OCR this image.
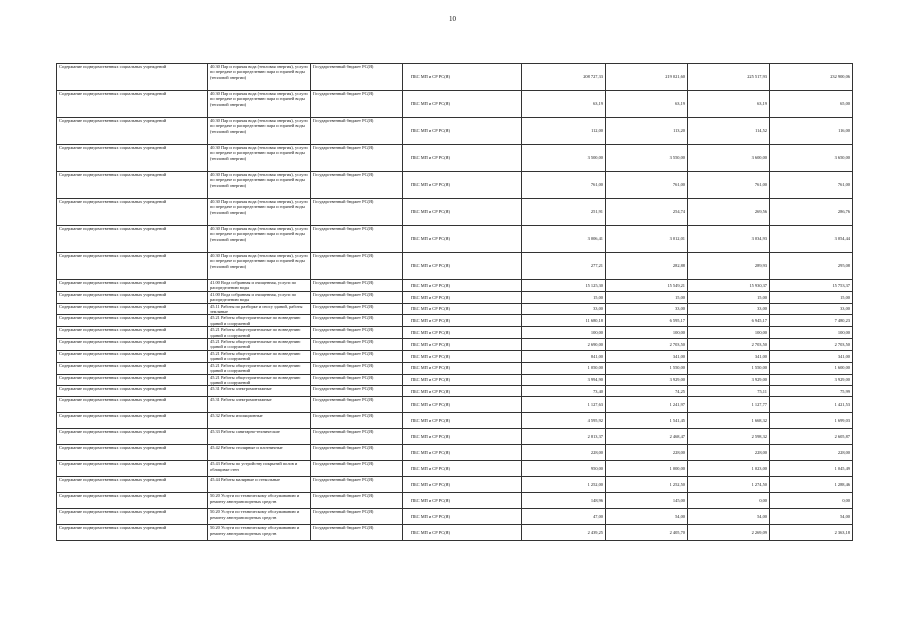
10
Содержание подведомственных социальных учреждений	40.30 Пар и горячая вода (тепловая энергия), услуги по передаче и распределению пара и горячей воды (тепловой энергии)	Государственный бюджет РС(Я)	ПБС МП и СР РС(Я)	208 727,33	219 021,60	225 517,93	232 900,06
Содержание подведомственных социальных учреждений	40.30 Пар и горячая вода (тепловая энергия), услуги по передаче и распределению пара и горячей воды (тепловой энергии)	Государственный бюджет РС(Я)	ПБС МП и СР РС(Я)	63,19	63,19	63,19	65,00
Содержание подведомственных социальных учреждений	40.30 Пар и горячая вода (тепловая энергия), услуги по передаче и распределению пара и горячей воды (тепловой энергии)	Государственный бюджет РС(Я)	ПБС МП и СР РС(Я)	112,00	113,20	114,52	116,00
Содержание подведомственных социальных учреждений	40.30 Пар и горячая вода (тепловая энергия), услуги по передаче и распределению пара и горячей воды (тепловой энергии)	Государственный бюджет РС(Я)	ПБС МП и СР РС(Я)	3 500,00	3 550,00	3 600,00	3 650,00
Содержание подведомственных социальных учреждений	40.30 Пар и горячая вода (тепловая энергия), услуги по передаче и распределению пара и горячей воды (тепловой энергии)	Государственный бюджет РС(Я)	ПБС МП и СР РС(Я)	761,00	761,00	761,00	761,00
Содержание подведомственных социальных учреждений	40.30 Пар и горячая вода (тепловая энергия), услуги по передаче и распределению пара и горячей воды (тепловой энергии)	Государственный бюджет РС(Я)	ПБС МП и СР РС(Я)	251,91	254,74	269,56	286,76
Содержание подведомственных социальных учреждений	40.30 Пар и горячая вода (тепловая энергия), услуги по передаче и распределению пара и горячей воды (тепловой энергии)	Государственный бюджет РС(Я)	ПБС МП и СР РС(Я)	3 006,41	3 012,01	3 034,93	3 054,44
Содержание подведомственных социальных учреждений	40.30 Пар и горячая вода (тепловая энергия), услуги по передаче и распределению пара и горячей воды (тепловой энергии)	Государственный бюджет РС(Я)	ПБС МП и СР РС(Я)	277,21	282,88	289,93	295,08
Содержание подведомственных социальных учреждений	41.00 Вода собранная и очищенная, услуги по распределению воды	Государственный бюджет РС(Я)	ПБС МП и СР РС(Я)	15 125,30	15 549,21	15 930,37	15 753,37
Содержание подведомственных социальных учреждений	41.00 Вода собранная и очищенная, услуги по распределению воды	Государственный бюджет РС(Я)	ПБС МП и СР РС(Я)	15,00	15,00	15,00	15,00
Содержание подведомственных социальных учреждений	45.11 Работы по разборке и сносу зданий, работы земляные	Государственный бюджет РС(Я)	ПБС МП и СР РС(Я)	33,00	33,00	33,00	33,00
Содержание подведомственных социальных учреждений	45.21 Работы общестроительные по возведению зданий и сооружений	Государственный бюджет РС(Я)	ПБС МП и СР РС(Я)	11 680,18	6 595,17	6 945,17	7 480,23
Содержание подведомственных социальных учреждений	45.21 Работы общестроительные по возведению зданий и сооружений	Государственный бюджет РС(Я)	ПБС МП и СР РС(Я)	100,00	100,00	100,00	100,00
Содержание подведомственных социальных учреждений	45.21 Работы общестроительные по возведению зданий и сооружений	Государственный бюджет РС(Я)	ПБС МП и СР РС(Я)	2 690,00	2 703,50	2 703,50	2 703,50
Содержание подведомственных социальных учреждений	45.21 Работы общестроительные по возведению зданий и сооружений	Государственный бюджет РС(Я)	ПБС МП и СР РС(Я)	841,00	341,00	341,00	341,00
Содержание подведомственных социальных учреждений	45.21 Работы общестроительные по возведению зданий и сооружений	Государственный бюджет РС(Я)	ПБС МП и СР РС(Я)	1 050,00	1 550,00	1 550,00	1 600,00
Содержание подведомственных социальных учреждений	45.21 Работы общестроительные по возведению зданий и сооружений	Государственный бюджет РС(Я)	ПБС МП и СР РС(Я)	3 994,90	3 929,00	3 929,00	3 929,00
Содержание подведомственных социальных учреждений	45.31 Работы электромонтажные	Государственный бюджет РС(Я)	ПБС МП и СР РС(Я)	73,40	74,25	75,11	75,99
Содержание подведомственных социальных учреждений	45.31 Работы электромонтажные	Государственный бюджет РС(Я)	ПБС МП и СР РС(Я)	1 127,63	1 241,97	1 127,77	1 421,53
Содержание подведомственных социальных учреждений	45.32 Работы изоляционные	Государственный бюджет РС(Я)	ПБС МП и СР РС(Я)	4 595,92	1 541,45	1 668,32	1 699,03
Содержание подведомственных социальных учреждений	45.33 Работы санитарно-технические	Государственный бюджет РС(Я)	ПБС МП и СР РС(Я)	2 813,37	2 468,47	2 598,32	2 605,87
Содержание подведомственных социальных учреждений	45.42 Работы столярные и плотничные	Государственный бюджет РС(Я)	ПБС МП и СР РС(Я)	228,00	228,00	228,00	228,00
Содержание подведомственных социальных учреждений	45.43 Работы по устройству покрытий полов и облицовке стен	Государственный бюджет РС(Я)	ПБС МП и СР РС(Я)	950,00	1 000,00	1 023,00	1 045,49
Содержание подведомственных социальных учреждений	45.44 Работы малярные и стекольные	Государственный бюджет РС(Я)	ПБС МП и СР РС(Я)	1 252,00	1 252,50	1 274,50	1 288,46
Содержание подведомственных социальных учреждений	50.20 Услуги по техническому обслуживанию и ремонту автотранспортных средств	Государственный бюджет РС(Я)	ПБС МП и СР РС(Я)	148,96	145,00	0,00	0,00
Содержание подведомственных социальных учреждений	50.20 Услуги по техническому обслуживанию и ремонту автотранспортных средств	Государственный бюджет РС(Я)	ПБС МП и СР РС(Я)	47,00	54,00	54,00	54,00
Содержание подведомственных социальных учреждений	50.20 Услуги по техническому обслуживанию и ремонту автотранспортных средств	Государственный бюджет РС(Я)	ПБС МП и СР РС(Я)	2 439,25	2 405,70	2 269,09	2 363,18
